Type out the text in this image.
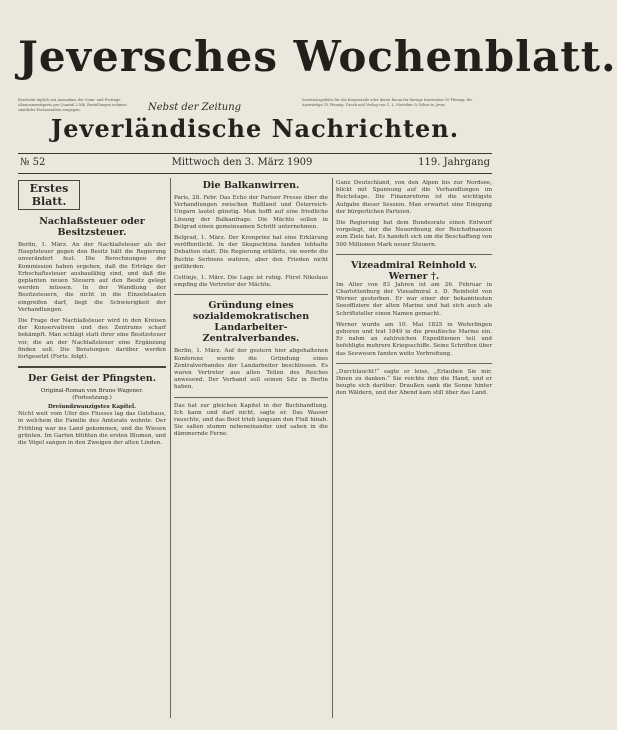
Jeversches Wochenblatt.
Erscheint täglich mit Ausnahme der Sonn- und Festtage. Abonnementspreis pro Quartal 2 Mk. Bestellungen nehmen sämtliche Postanstalten entgegen.	Nebst der Zeitung
Insertionsgebühr für die Korpuszeile oder deren Raum für hiesige Inserenten 10 Pfennig, für Auswärtige 15 Pfennig. Druck und Verlag von C. L. Mettcker & Söhne in Jever.
Jeverländische Nachrichten.
№ 52	Mittwoch den 3. März 1909	119. Jahrgang
Erstes Blatt.
Nachlaßsteuer oder Besitzsteuer.

Berlin, 1. März. An der Nachlaßsteuer als der Hauptsteuer gegen den Besitz hält die Regierung unverändert fest. Die Berechnungen der Kommission haben ergeben, daß die Erträge der Erbschaftssteuer ausbaufähig sind, und daß die geplanten neuen Steuern auf den Besitz gelegt werden müssen. In der Wandlung der Besitzsteuern, die nicht in die Einzelstaaten eingreifen darf, liegt die Schwierigkeit der Verhandlungen.

Die Frage der Nachlaßsteuer wird in den Kreisen der Konservativen und des Zentrums scharf bekämpft. Man schlägt statt ihrer eine Besitzsteuer vor, die an der Nachlaßsteuer eine Ergänzung finden soll. Die Beratungen darüber werden fortgesetzt (Forts. folgt).

Der Geist der Pfingsten.
Original-Roman von Bruno Wagener.
(Fortsetzung.)
Dreiundzwanzigstes Kapitel.

Nicht weit vom Ufer des Flusses lag das Gutshaus, in welchem die Familie des Amtsrats wohnte. Der Frühling war ins Land gekommen, und die Wiesen grünten. Im Garten blühten die ersten Blumen, und die Vögel sangen in den Zweigen der alten Linden.

Die Balkanwirren.

Paris, 28. Febr. Das Echo der Pariser Presse über die Verhandlungen zwischen Rußland und Österreich-Ungarn lautet günstig. Man hofft auf eine friedliche Lösung der Balkanfrage. Die Mächte sollen in Belgrad einen gemeinsamen Schritt unternehmen.

Belgrad, 1. März. Der Kronprinz hat eine Erklärung veröffentlicht. In der Skupschtina fanden lebhafte Debatten statt. Die Regierung erklärte, sie werde die Rechte Serbiens wahren, aber den Frieden nicht gefährden.

Cettinje, 1. März. Die Lage ist ruhig. Fürst Nikolaus empfing die Vertreter der Mächte.

Gründung eines sozialdemokratischen Landarbeiter-Zentralverbandes.

Berlin, 1. März. Auf der gestern hier abgehaltenen Konferenz wurde die Gründung eines Zentralverbandes der Landarbeiter beschlossen. Es waren Vertreter aus allen Teilen des Reiches anwesend. Der Verband soll seinen Sitz in Berlin haben.

Das hat zur gleichen Kapitel in der Buchhandlung. Ich kann und darf nicht, sagte er. Das Wasser rauschte, und das Boot trieb langsam den Fluß hinab. Sie saßen stumm nebeneinander und sahen in die dämmernde Ferne.

Ganz Deutschland, von den Alpen bis zur Nordsee, blickt mit Spannung auf die Verhandlungen im Reichstage. Die Finanzreform ist die wichtigste Aufgabe dieser Session. Man erwartet eine Einigung der bürgerlichen Parteien.

Die Regierung hat dem Bundesrate einen Entwurf vorgelegt, der die Neuordnung der Reichsfinanzen zum Ziele hat. Es handelt sich um die Beschaffung von 500 Millionen Mark neuer Steuern.

Vizeadmiral Reinhold v. Werner †.

Im Alter von 83 Jahren ist am 26. Februar in Charlottenburg der Vizeadmiral z. D. Reinhold von Werner gestorben. Er war einer der bekanntesten Seeoffiziere der alten Marine und hat sich auch als Schriftsteller einen Namen gemacht.

Werner wurde am 10. Mai 1825 in Weferlingen geboren und trat 1849 in die preußische Marine ein. Er nahm an zahlreichen Expeditionen teil und befehligte mehrere Kriegsschiffe. Seine Schriften über das Seewesen fanden weite Verbreitung.

„Durchlaucht!“ sagte er leise, „Erlauben Sie mir, Ihnen zu danken.“ Sie reichte ihm die Hand, und er beugte sich darüber. Draußen sank die Sonne hinter den Wäldern, und der Abend kam still über das Land.
